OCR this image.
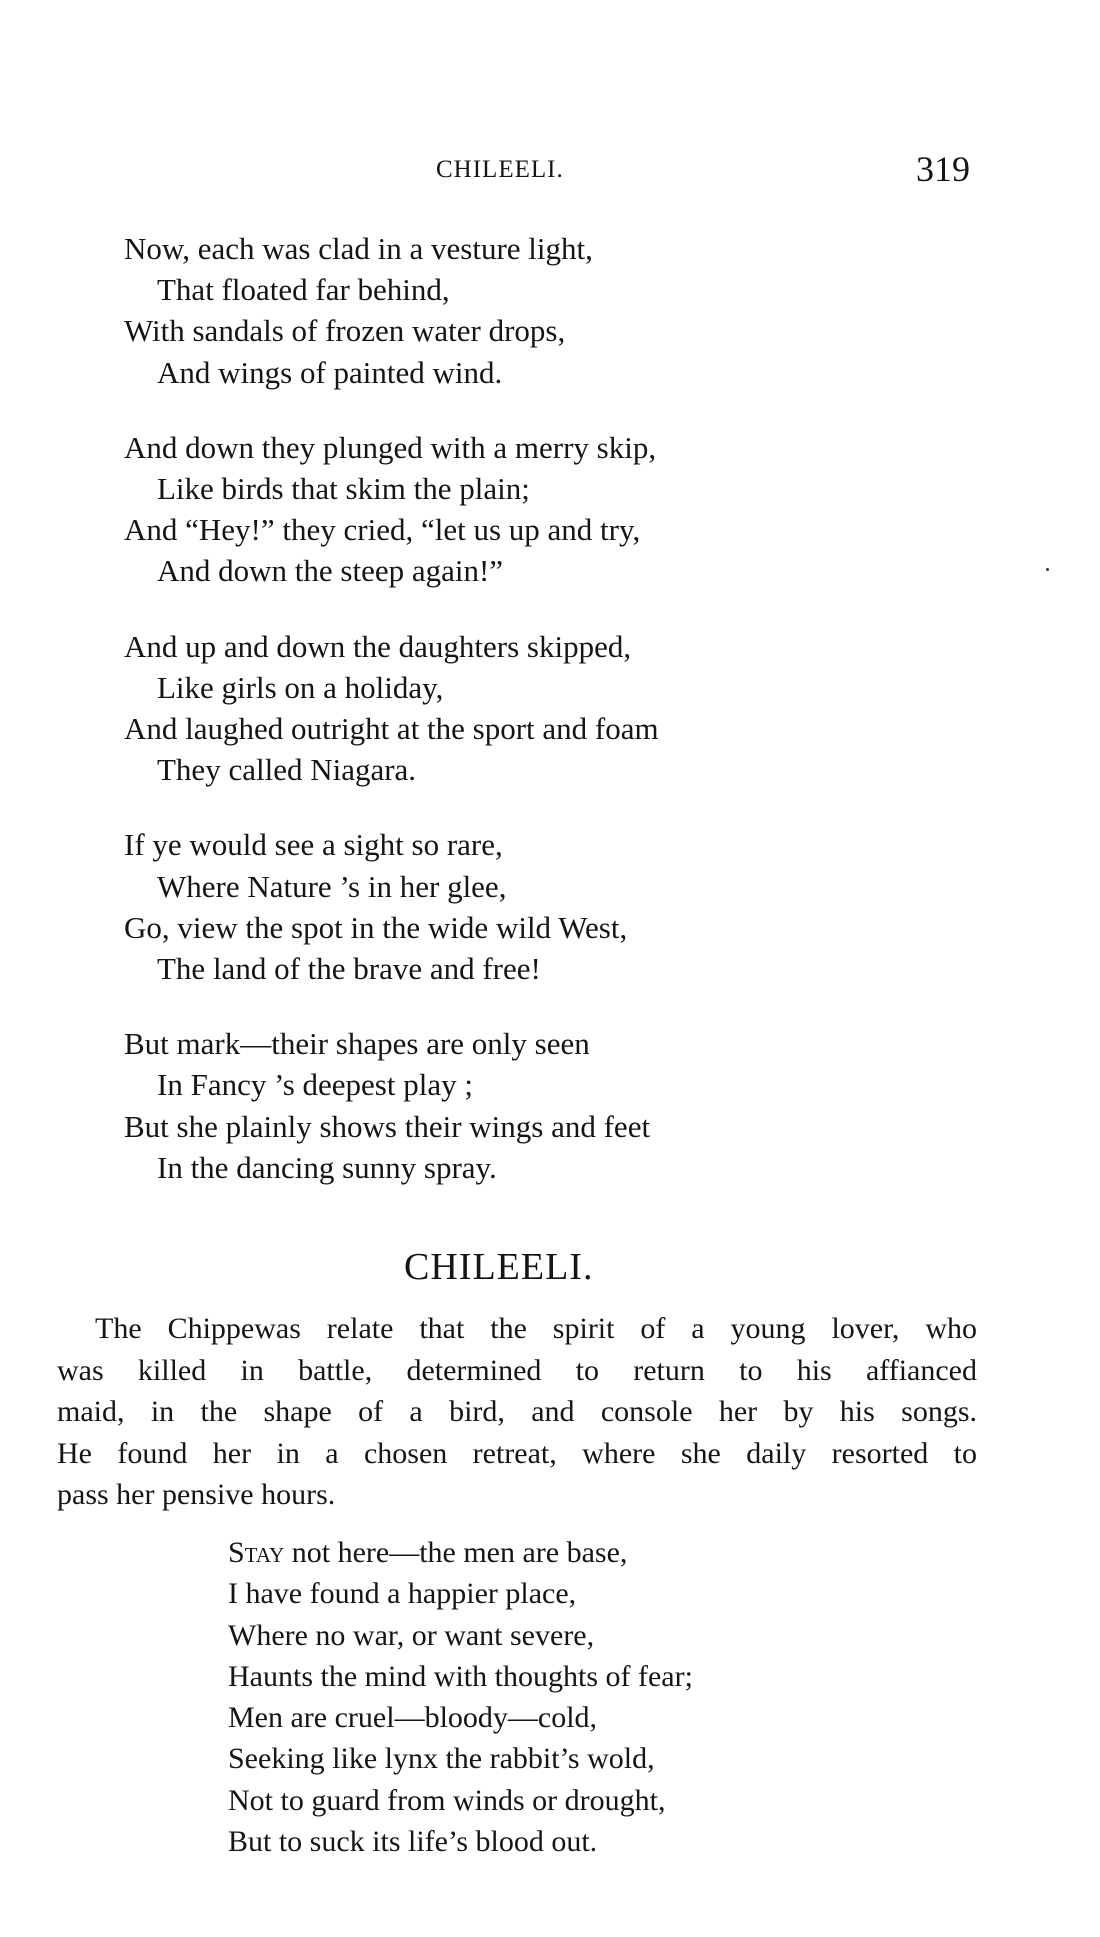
CHILEELI.	319
Now, each was clad in a vesture light,
That floated far behind,
With sandals of frozen water drops,
And wings of painted wind.
And down they plunged with a merry skip,
Like birds that skim the plain;
And “Hey!” they cried, “let us up and try,
And down the steep again!”
And up and down the daughters skipped,
Like girls on a holiday,
And laughed outright at the sport and foam
They called Niagara.
If ye would see a sight so rare,
Where Nature ’s in her glee,
Go, view the spot in the wide wild West,
The land of the brave and free!
But mark—their shapes are only seen
In Fancy ’s deepest play ;
But she plainly shows their wings and feet
In the dancing sunny spray.
CHILEELI.
The Chippewas relate that the spirit of a young lover, who
was killed in battle, determined to return to his affianced
maid, in the shape of a bird, and console her by his songs.
He found her in a chosen retreat, where she daily resorted to
pass her pensive hours.
Stay not here—the men are base,
I have found a happier place,
Where no war, or want severe,
Haunts the mind with thoughts of fear;
Men are cruel—bloody—cold,
Seeking like lynx the rabbit’s wold,
Not to guard from winds or drought,
But to suck its life’s blood out.
